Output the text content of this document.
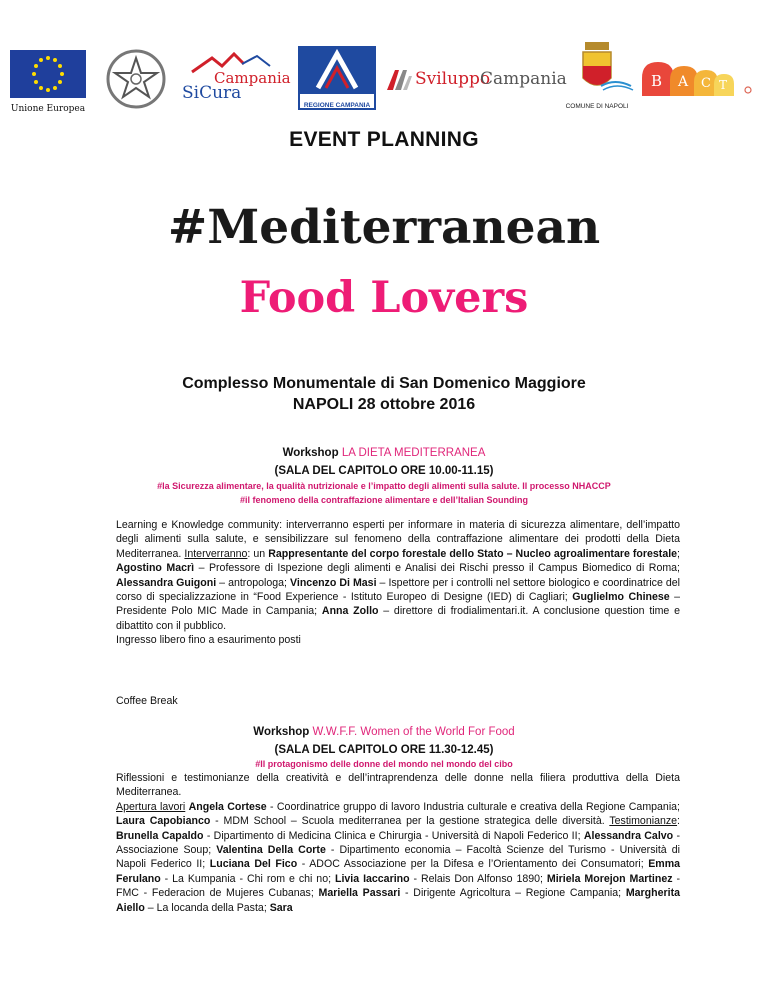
Unione Europea
Campania
SiCura
REGIONE CAMPANIA
Sviluppo
Campania
COMUNE DI NAPOLI
B A C T
EVENT PLANNING
#Mediterranean
Food Lovers
Complesso Monumentale di San Domenico Maggiore
NAPOLI 28 ottobre 2016
Workshop LA DIETA MEDITERRANEA
(SALA DEL CAPITOLO ORE 10.00-11.15)
#la Sicurezza alimentare, la qualità nutrizionale e l’impatto degli alimenti sulla salute. Il processo NHACCP
#il fenomeno della contraffazione alimentare e dell’Italian Sounding
Learning e Knowledge community: interverranno esperti per informare in materia di sicurezza alimentare, dell’impatto degli alimenti sulla salute, e sensibilizzare sul fenomeno della contraffazione alimentare dei prodotti della Dieta Mediterranea. Interverranno: un Rappresentante del corpo forestale dello Stato – Nucleo agroalimentare forestale; Agostino Macrì – Professore di Ispezione degli alimenti e Analisi dei Rischi presso il Campus Biomedico di Roma; Alessandra Guigoni – antropologa; Vincenzo Di Masi – Ispettore per i controlli nel settore biologico e coordinatrice del corso di specializzazione in “Food Experience - Istituto Europeo di Designe (IED) di Cagliari; Guglielmo Chinese – Presidente Polo MIC Made in Campania; Anna Zollo – direttore di frodialimentari.it. A conclusione question time e dibattito con il pubblico.
Ingresso libero fino a esaurimento posti
Coffee Break
Workshop W.W.F.F. Women of the World For Food
(SALA DEL CAPITOLO ORE 11.30-12.45)
#Il protagonismo delle donne del mondo nel mondo del cibo
Riflessioni e testimonianze della creatività e dell’intraprendenza delle donne nella filiera produttiva della Dieta Mediterranea.
Apertura lavori Angela Cortese - Coordinatrice gruppo di lavoro Industria culturale e creativa della Regione Campania; Laura Capobianco - MDM School – Scuola mediterranea per la gestione strategica delle diversità. Testimonianze: Brunella Capaldo - Dipartimento di Medicina Clinica e Chirurgia - Università di Napoli Federico II; Alessandra Calvo - Associazione Soup; Valentina Della Corte - Dipartimento economia – Facoltà Scienze del Turismo - Università di Napoli Federico II; Luciana Del Fico - ADOC Associazione per la Difesa e l’Orientamento dei Consumatori; Emma Ferulano - La Kumpania - Chi rom e chi no; Livia Iaccarino - Relais Don Alfonso 1890; Miriela Morejon Martinez - FMC - Federacion de Mujeres Cubanas; Mariella Passari - Dirigente Agricoltura – Regione Campania; Margherita Aiello – La locanda della Pasta; Sara
